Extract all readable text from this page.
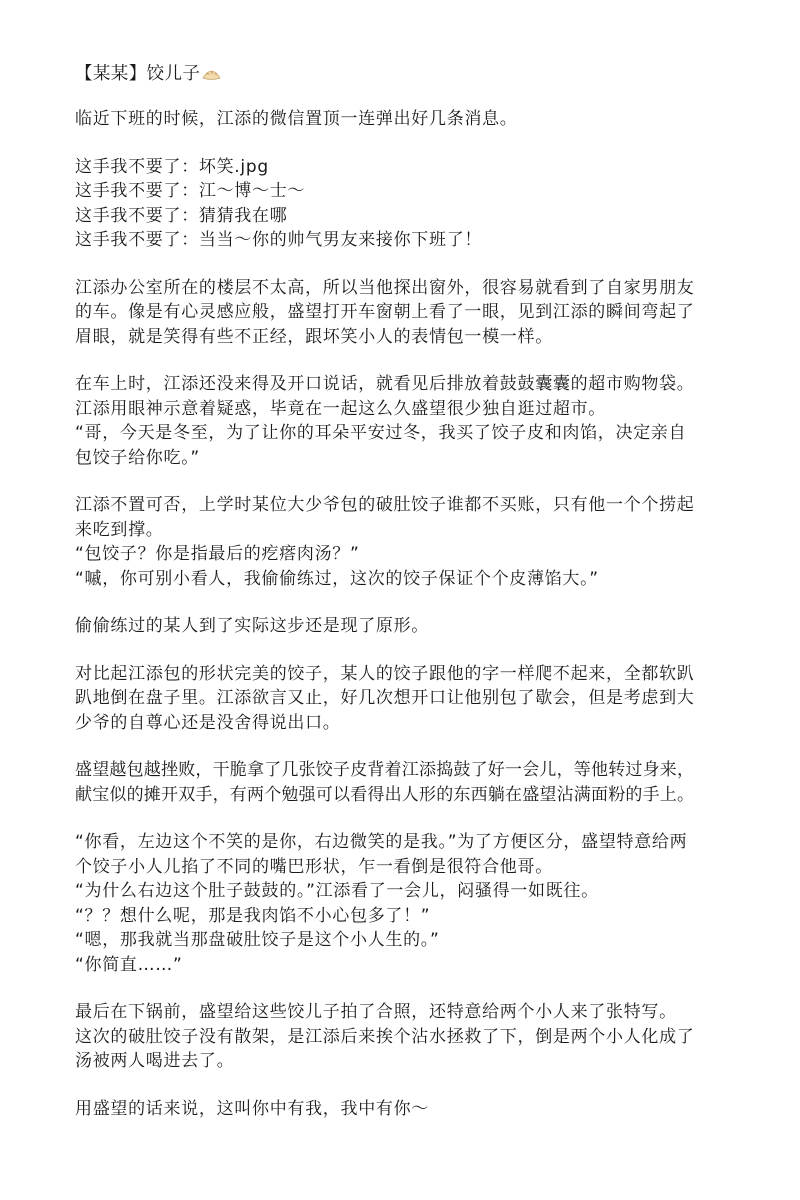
【某某】饺儿子
临近下班的时候，江添的微信置顶一连弹出好几条消息。
这手我不要了：坏笑.jpg
这手我不要了：江～博～士～
这手我不要了：猜猜我在哪
这手我不要了：当当～你的帅气男友来接你下班了！
江添办公室所在的楼层不太高，所以当他探出窗外，很容易就看到了自家男朋友
的车。像是有心灵感应般，盛望打开车窗朝上看了一眼，见到江添的瞬间弯起了
眉眼，就是笑得有些不正经，跟坏笑小人的表情包一模一样。
在车上时，江添还没来得及开口说话，就看见后排放着鼓鼓囊囊的超市购物袋。
江添用眼神示意着疑惑，毕竟在一起这么久盛望很少独自逛过超市。
“哥，今天是冬至，为了让你的耳朵平安过冬，我买了饺子皮和肉馅，决定亲自
包饺子给你吃。”
江添不置可否，上学时某位大少爷包的破肚饺子谁都不买账，只有他一个个捞起
来吃到撑。
“包饺子？你是指最后的疙瘩肉汤？”
“嘁，你可别小看人，我偷偷练过，这次的饺子保证个个皮薄馅大。”
偷偷练过的某人到了实际这步还是现了原形。
对比起江添包的形状完美的饺子，某人的饺子跟他的字一样爬不起来，全都软趴
趴地倒在盘子里。江添欲言又止，好几次想开口让他别包了歇会，但是考虑到大
少爷的自尊心还是没舍得说出口。
盛望越包越挫败，干脆拿了几张饺子皮背着江添捣鼓了好一会儿，等他转过身来，
献宝似的摊开双手，有两个勉强可以看得出人形的东西躺在盛望沾满面粉的手上。
“你看，左边这个不笑的是你，右边微笑的是我。”为了方便区分，盛望特意给两
个饺子小人儿掐了不同的嘴巴形状，乍一看倒是很符合他哥。
“为什么右边这个肚子鼓鼓的。”江添看了一会儿，闷骚得一如既往。
“？？想什么呢，那是我肉馅不小心包多了！”
“嗯，那我就当那盘破肚饺子是这个小人生的。”
“你简直……”
最后在下锅前，盛望给这些饺儿子拍了合照，还特意给两个小人来了张特写。
这次的破肚饺子没有散架，是江添后来挨个沾水拯救了下，倒是两个小人化成了
汤被两人喝进去了。
用盛望的话来说，这叫你中有我，我中有你～
